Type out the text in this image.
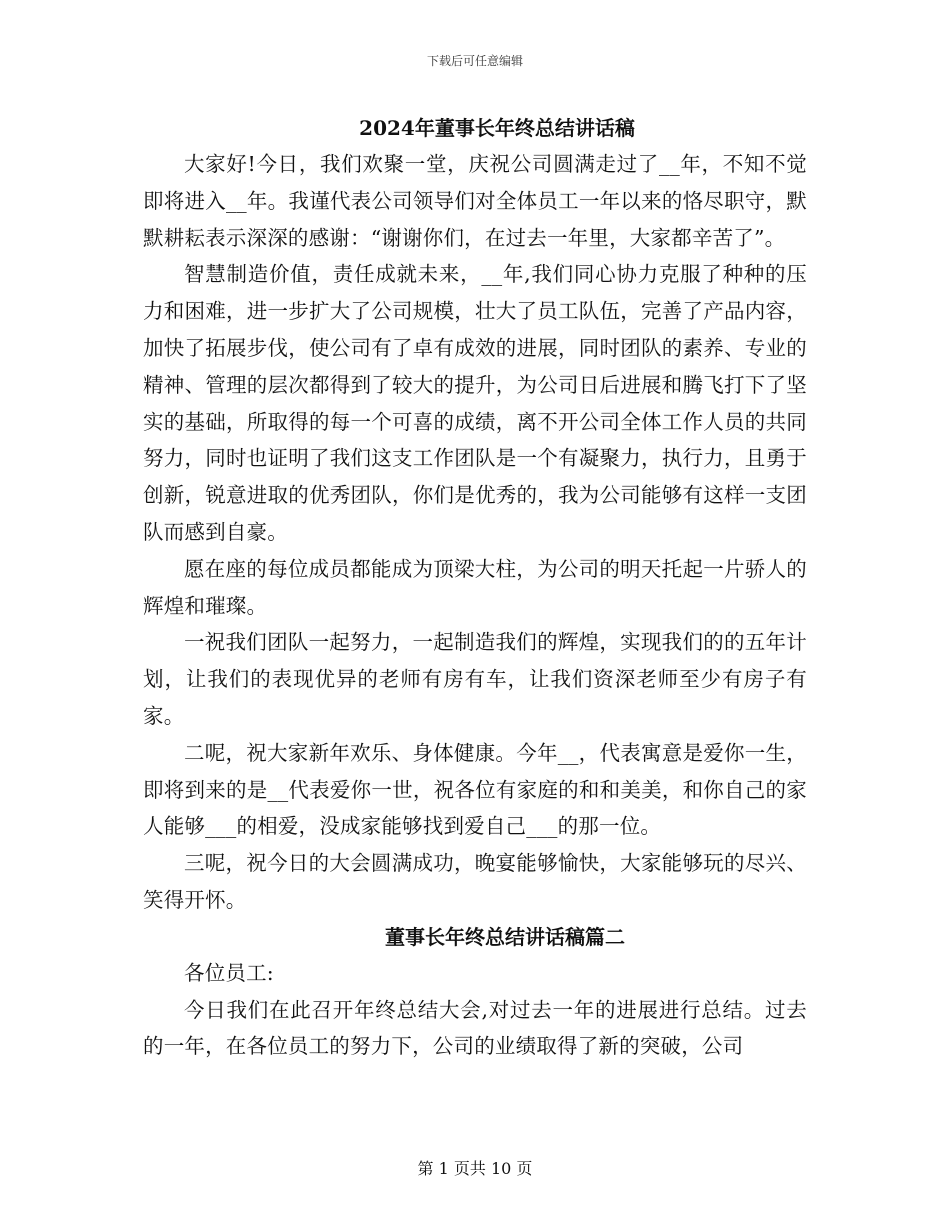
下载后可任意编辑
2024年董事长年终总结讲话稿

大家好!今日，我们欢聚一堂，庆祝公司圆满走过了__年，不知不觉即将进入__年。我谨代表公司领导们对全体员工一年以来的恪尽职守，默默耕耘表示深深的感谢：“谢谢你们，在过去一年里，大家都辛苦了”。

智慧制造价值，责任成就未来，__年,我们同心协力克服了种种的压力和困难，进一步扩大了公司规模，壮大了员工队伍，完善了产品内容，加快了拓展步伐，使公司有了卓有成效的进展，同时团队的素养、专业的精神、管理的层次都得到了较大的提升，为公司日后进展和腾飞打下了坚实的基础，所取得的每一个可喜的成绩，离不开公司全体工作人员的共同努力，同时也证明了我们这支工作团队是一个有凝聚力，执行力，且勇于创新，锐意进取的优秀团队，你们是优秀的，我为公司能够有这样一支团队而感到自豪。

愿在座的每位成员都能成为顶梁大柱，为公司的明天托起一片骄人的辉煌和璀璨。

一祝我们团队一起努力，一起制造我们的辉煌，实现我们的的五年计划，让我们的表现优异的老师有房有车，让我们资深老师至少有房子有家。

二呢，祝大家新年欢乐、身体健康。今年__，代表寓意是爱你一生，即将到来的是__代表爱你一世，祝各位有家庭的和和美美，和你自己的家人能够___的相爱，没成家能够找到爱自己___的那一位。

三呢，祝今日的大会圆满成功，晚宴能够愉快，大家能够玩的尽兴、笑得开怀。

董事长年终总结讲话稿篇二

各位员工:

今日我们在此召开年终总结大会,对过去一年的进展进行总结。过去的一年，在各位员工的努力下，公司的业绩取得了新的突破，公司

第 1 页共 10 页
